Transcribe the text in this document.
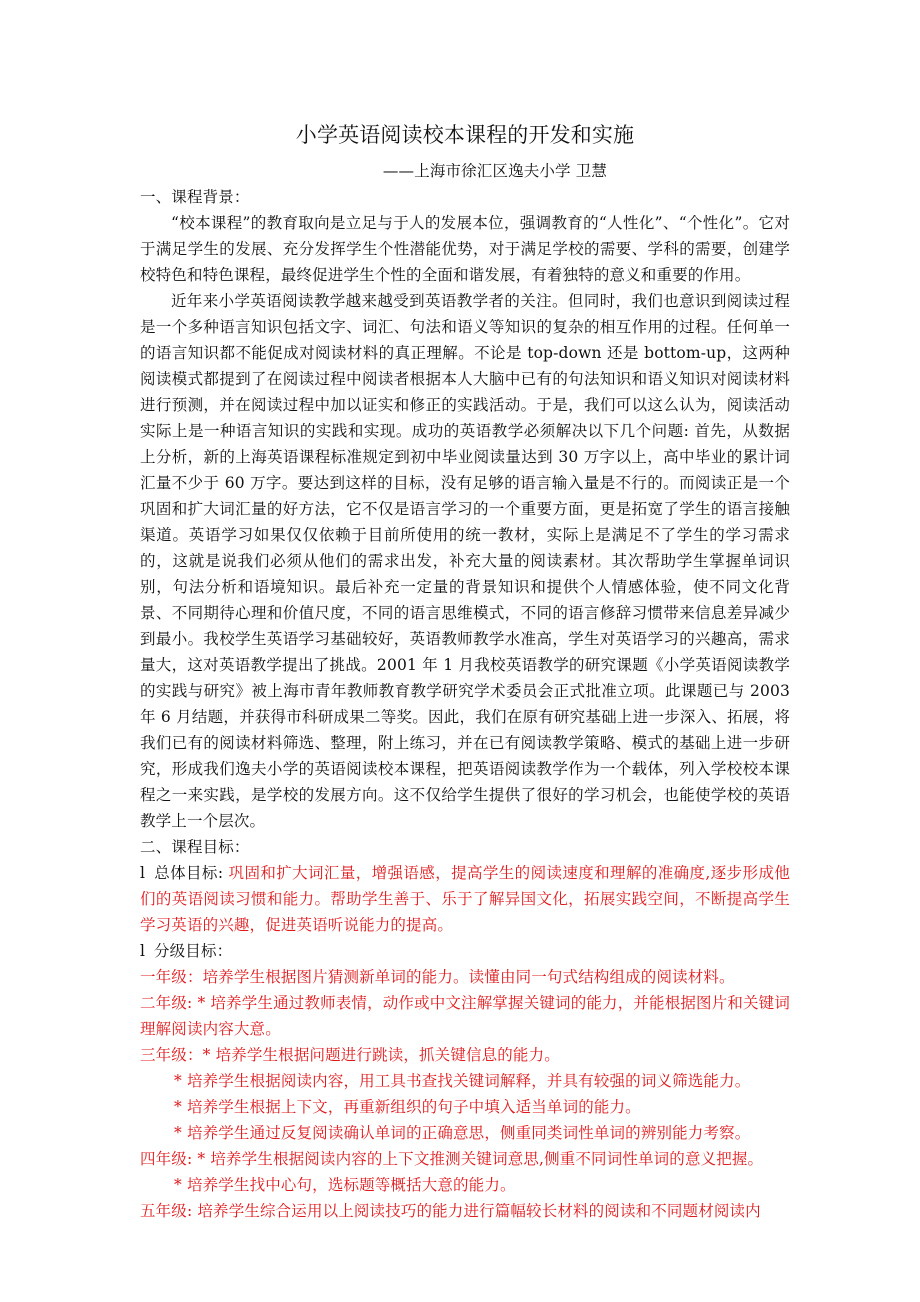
小学英语阅读校本课程的开发和实施

——上海市徐汇区逸夫小学 卫慧

一、课程背景：

“校本课程”的教育取向是立足与于人的发展本位，强调教育的“人性化”、“个性化”。它对于满足学生的发展、充分发挥学生个性潜能优势，对于满足学校的需要、学科的需要，创建学校特色和特色课程，最终促进学生个性的全面和谐发展，有着独特的意义和重要的作用。

近年来小学英语阅读教学越来越受到英语教学者的关注。但同时，我们也意识到阅读过程是一个多种语言知识包括文字、词汇、句法和语义等知识的复杂的相互作用的过程。任何单一的语言知识都不能促成对阅读材料的真正理解。不论是 top-down 还是 bottom-up，这两种阅读模式都提到了在阅读过程中阅读者根据本人大脑中已有的句法知识和语义知识对阅读材料进行预测，并在阅读过程中加以证实和修正的实践活动。于是，我们可以这么认为，阅读活动实际上是一种语言知识的实践和实现。成功的英语教学必须解决以下几个问题: 首先，从数据上分析，新的上海英语课程标准规定到初中毕业阅读量达到 30 万字以上，高中毕业的累计词汇量不少于 60 万字。要达到这样的目标，没有足够的语言输入量是不行的。而阅读正是一个巩固和扩大词汇量的好方法，它不仅是语言学习的一个重要方面，更是拓宽了学生的语言接触渠道。英语学习如果仅仅依赖于目前所使用的统一教材，实际上是满足不了学生的学习需求的，这就是说我们必须从他们的需求出发，补充大量的阅读素材。其次帮助学生掌握单词识别，句法分析和语境知识。最后补充一定量的背景知识和提供个人情感体验，使不同文化背景、不同期待心理和价值尺度，不同的语言思维模式，不同的语言修辞习惯带来信息差异减少到最小。我校学生英语学习基础较好，英语教师教学水准高，学生对英语学习的兴趣高，需求量大，这对英语教学提出了挑战。2001 年 1 月我校英语教学的研究课题《小学英语阅读教学的实践与研究》被上海市青年教师教育教学研究学术委员会正式批准立项。此课题已与 2003 年 6 月结题，并获得市科研成果二等奖。因此，我们在原有研究基础上进一步深入、拓展，将我们已有的阅读材料筛选、整理，附上练习，并在已有阅读教学策略、模式的基础上进一步研究，形成我们逸夫小学的英语阅读校本课程，把英语阅读教学作为一个载体，列入学校校本课程之一来实践，是学校的发展方向。这不仅给学生提供了很好的学习机会，也能使学校的英语教学上一个层次。

二、课程目标：

l 总体目标: 巩固和扩大词汇量，增强语感，提高学生的阅读速度和理解的准确度,逐步形成他们的英语阅读习惯和能力。帮助学生善于、乐于了解异国文化，拓展实践空间，不断提高学生学习英语的兴趣，促进英语听说能力的提高。

l 分级目标：

一年级：培养学生根据图片猜测新单词的能力。读懂由同一句式结构组成的阅读材料。

二年级: * 培养学生通过教师表情，动作或中文注解掌握关键词的能力，并能根据图片和关键词理解阅读内容大意。

三年级：* 培养学生根据问题进行跳读，抓关键信息的能力。

* 培养学生根据阅读内容，用工具书查找关键词解释，并具有较强的词义筛选能力。

* 培养学生根据上下文，再重新组织的句子中填入适当单词的能力。

* 培养学生通过反复阅读确认单词的正确意思，侧重同类词性单词的辨别能力考察。

四年级: * 培养学生根据阅读内容的上下文推测关键词意思,侧重不同词性单词的意义把握。

* 培养学生找中心句，选标题等概括大意的能力。

五年级: 培养学生综合运用以上阅读技巧的能力进行篇幅较长材料的阅读和不同题材阅读内
